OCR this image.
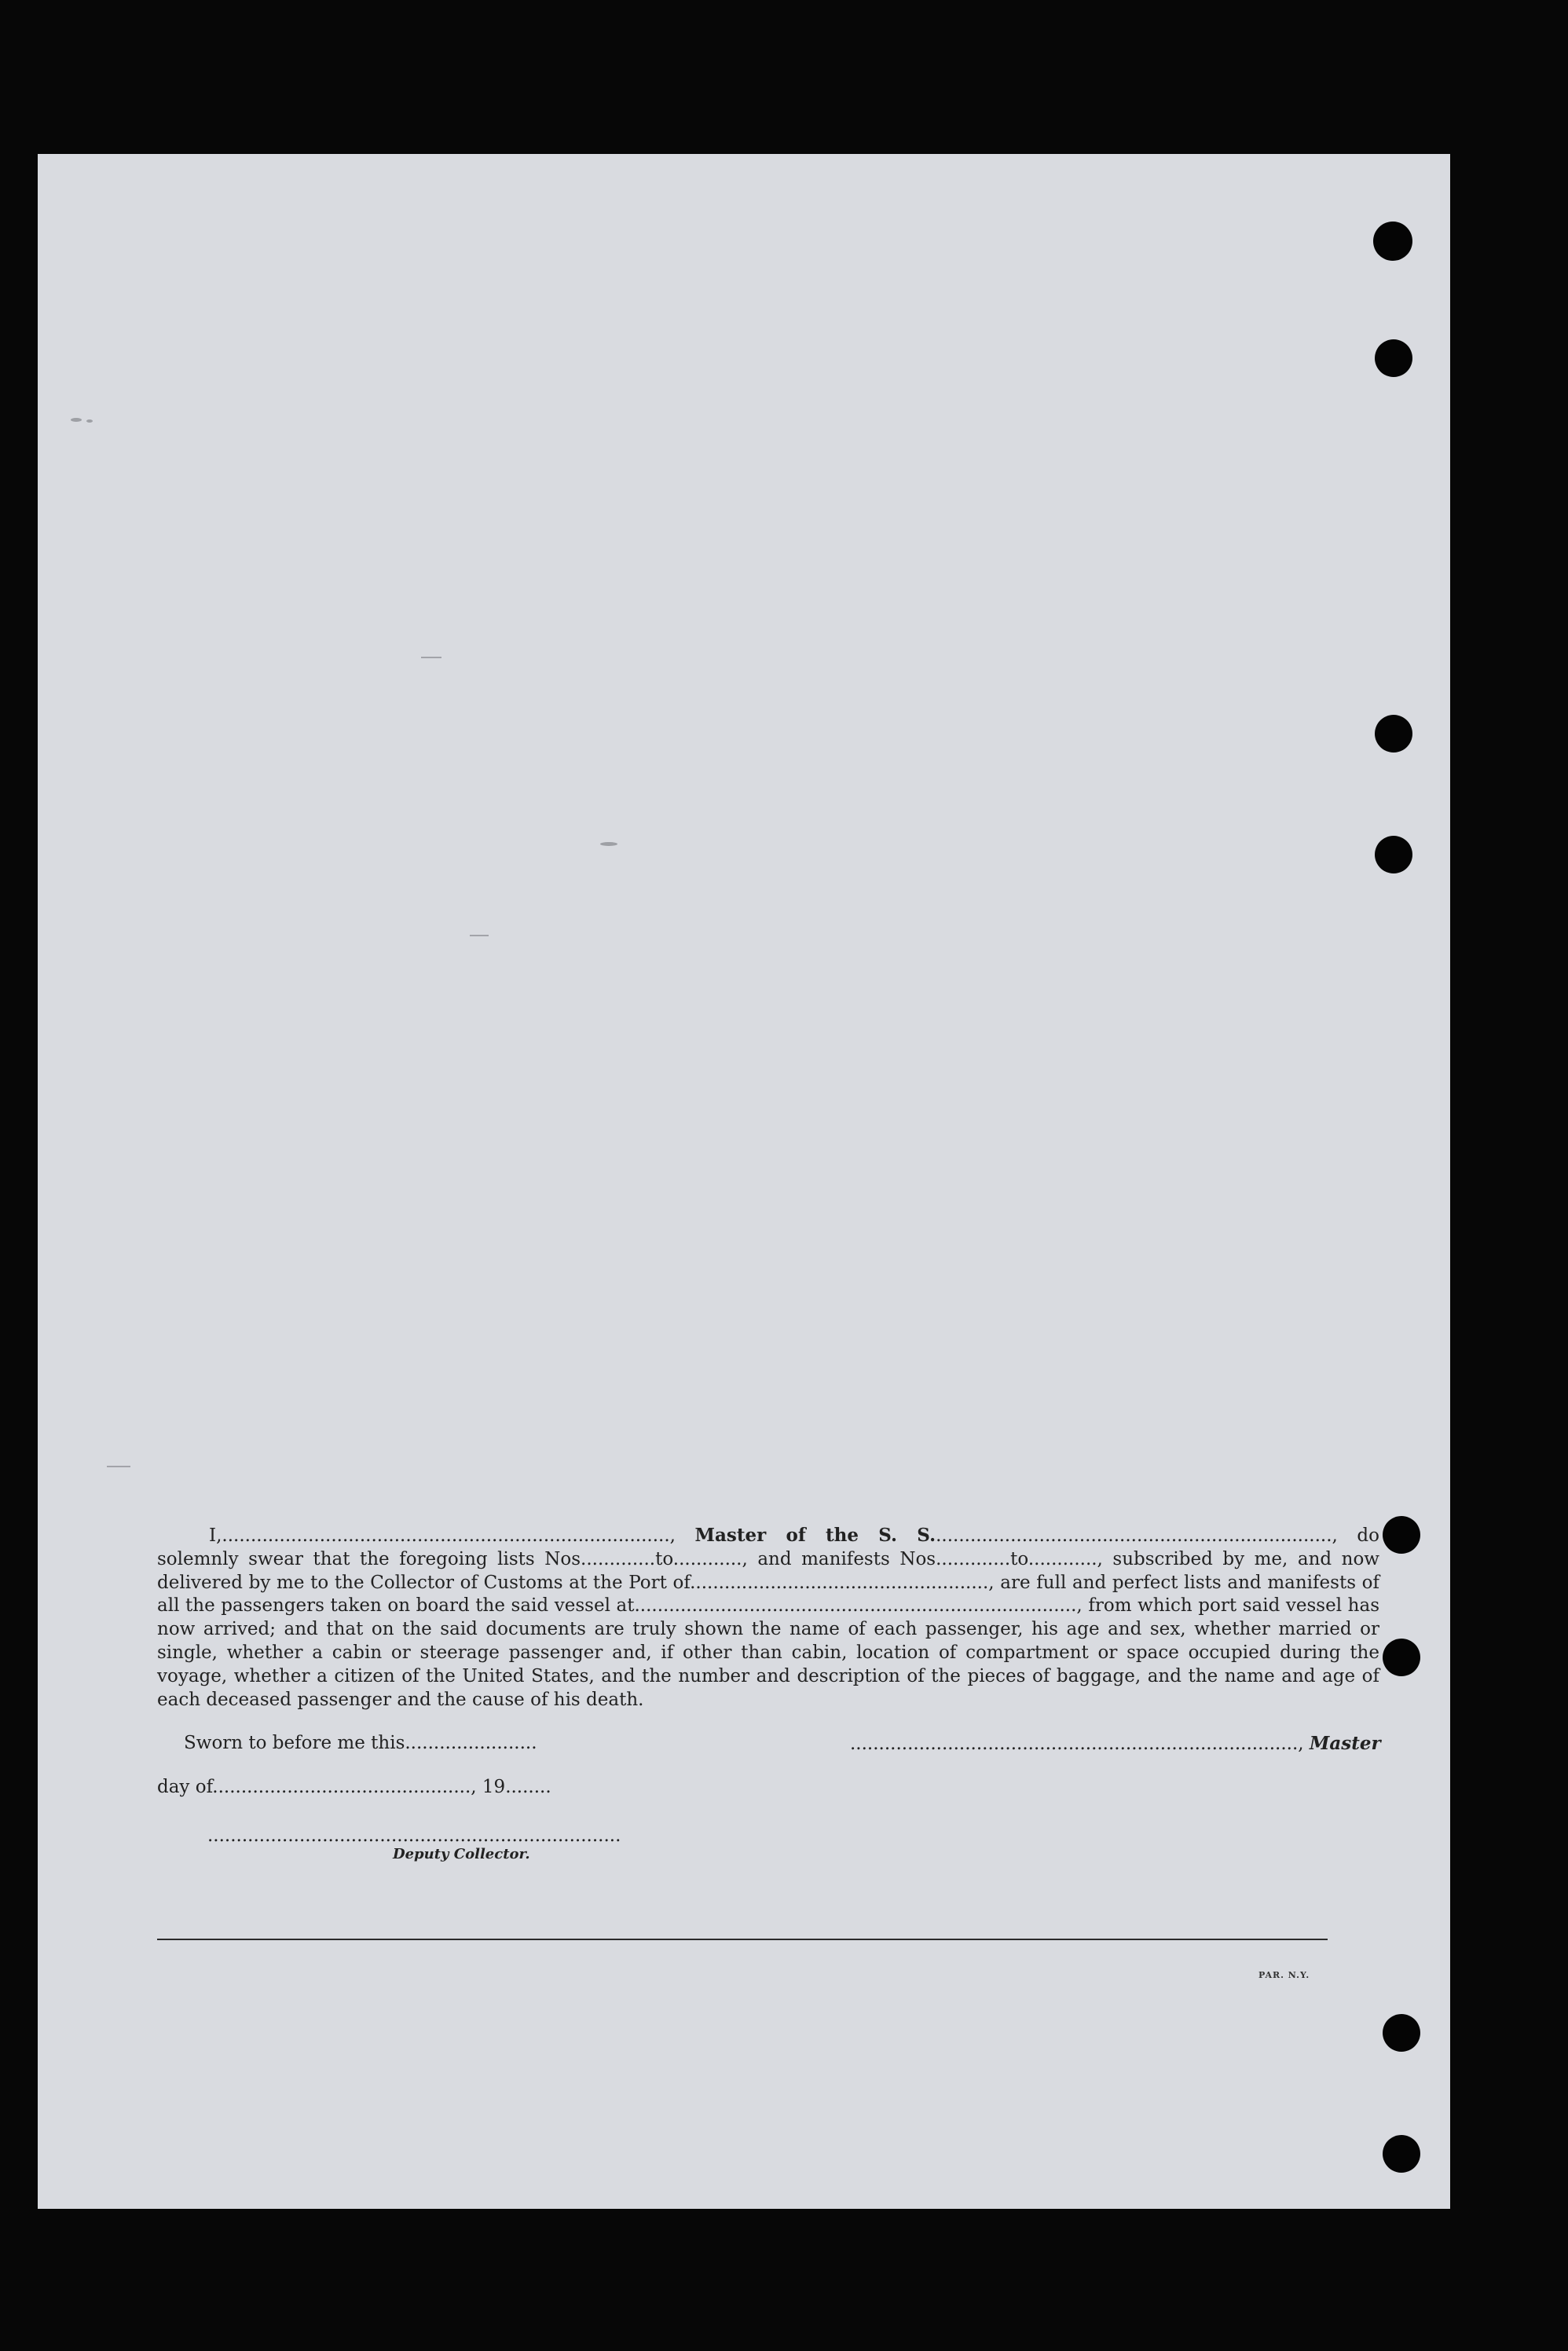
I,.............................................................................., Master of the S. S......................................................................, do solemnly swear that the foregoing lists Nos.............to............, and manifests Nos.............to............, subscribed by me, and now delivered by me to the Collector of Customs at the Port of...................................................., are full and perfect lists and manifests of all the passengers taken on board the said vessel at............................................................................., from which port said vessel has now arrived; and that on the said documents are truly shown the name of each passenger, his age and sex, whether married or single, whether a cabin or steerage passenger and, if other than cabin, location of compartment or space occupied during the voyage, whether a citizen of the United States, and the number and description of the pieces of baggage, and the name and age of each deceased passenger and the cause of his death.
Sworn to before me this.......................	.............................................................................., Master
day of............................................., 19........
........................................................................
Deputy Collector.
PAR. N.Y.
